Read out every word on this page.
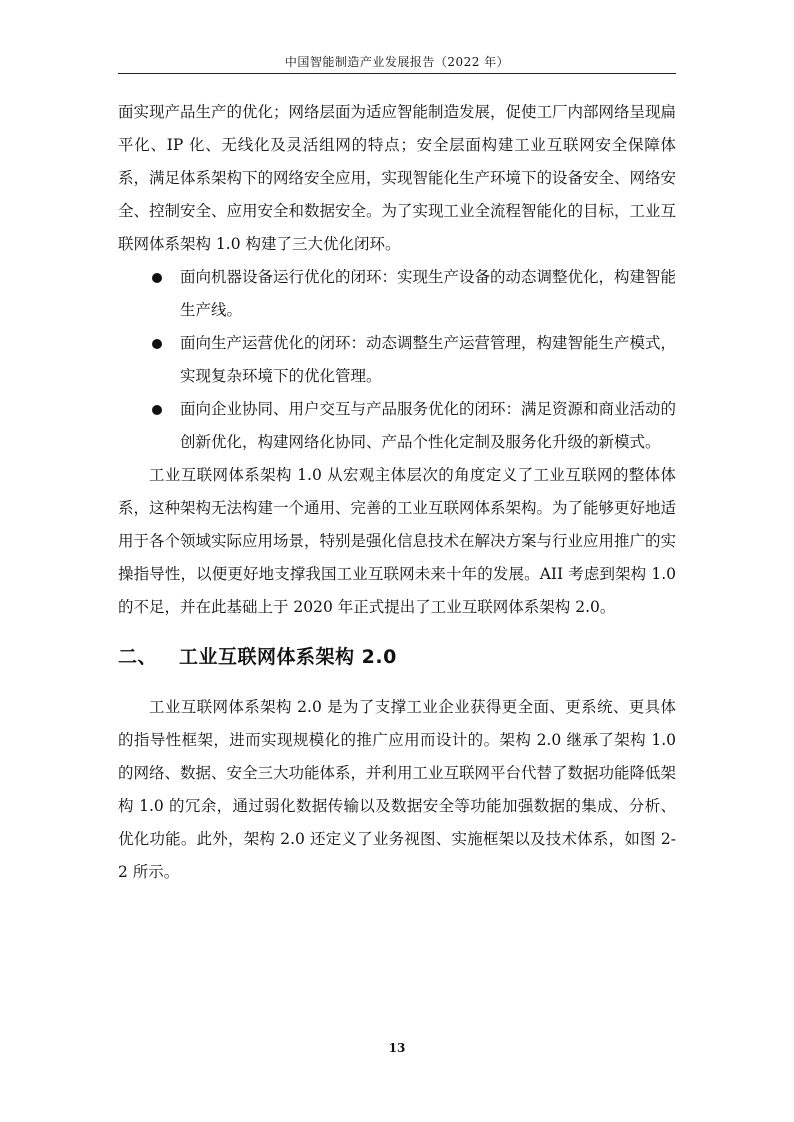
中国智能制造产业发展报告（2022 年）

面实现产品生产的优化；网络层面为适应智能制造发展，促使工厂内部网络呈现扁平化、IP 化、无线化及灵活组网的特点；安全层面构建工业互联网安全保障体系，满足体系架构下的网络安全应用，实现智能化生产环境下的设备安全、网络安全、控制安全、应用安全和数据安全。为了实现工业全流程智能化的目标，工业互联网体系架构 1.0 构建了三大优化闭环。

面向机器设备运行优化的闭环：实现生产设备的动态调整优化，构建智能生产线。
面向生产运营优化的闭环：动态调整生产运营管理，构建智能生产模式，实现复杂环境下的优化管理。
面向企业协同、用户交互与产品服务优化的闭环：满足资源和商业活动的创新优化，构建网络化协同、产品个性化定制及服务化升级的新模式。

工业互联网体系架构 1.0 从宏观主体层次的角度定义了工业互联网的整体体系，这种架构无法构建一个通用、完善的工业互联网体系架构。为了能够更好地适用于各个领域实际应用场景，特别是强化信息技术在解决方案与行业应用推广的实操指导性，以便更好地支撑我国工业互联网未来十年的发展。AII 考虑到架构 1.0 的不足，并在此基础上于 2020 年正式提出了工业互联网体系架构 2.0。

二、 工业互联网体系架构 2.0

工业互联网体系架构 2.0 是为了支撑工业企业获得更全面、更系统、更具体的指导性框架，进而实现规模化的推广应用而设计的。架构 2.0 继承了架构 1.0 的网络、数据、安全三大功能体系，并利用工业互联网平台代替了数据功能降低架构 1.0 的冗余，通过弱化数据传输以及数据安全等功能加强数据的集成、分析、优化功能。此外，架构 2.0 还定义了业务视图、实施框架以及技术体系，如图 2-2 所示。

13
